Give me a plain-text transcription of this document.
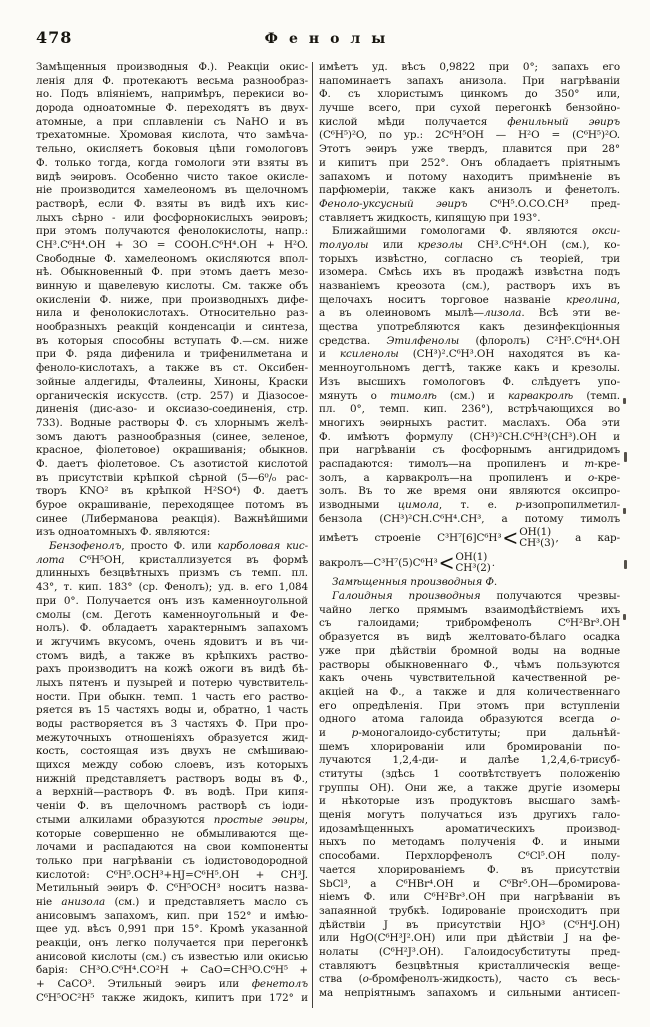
478	Фенолы
Замѣщенныя производныя Ф.). Реакціи окис-
ленія для Ф. протекаютъ весьма разнообраз-
но. Подъ вліяніемъ, напримѣръ, перекиси во-
дорода одноатомные Ф. переходятъ въ двух-
атомные, а при сплавленіи съ NaHO и въ
трехатомные. Хромовая кислота, что замѣча-
тельно, окисляетъ боковыя цѣпи гомологовъ
Ф. только тогда, когда гомологи эти взяты въ
видѣ эѳировъ. Особенно чисто такое окисле-
ніе производится хамелеономъ въ щелочномъ
растворѣ, если Ф. взяты въ видѣ ихъ кис-
лыхъ сѣрно - или фосфорнокислыхъ эѳировъ;
при этомъ получаются фенолокислоты, напр.:
CH³.C⁶H⁴.OH + 3O = COOH.C⁶H⁴.OH + H²O.
Свободные Ф. хамелеономъ окисляются впол-
нѣ. Обыкновенный Ф. при этомъ даетъ мезо-
винную и щавелевую кислоты. См. также объ
окисленіи Ф. ниже, при производныхъ дифе-
нила и фенолокислотахъ. Относительно раз-
нообразныхъ реакцій конденсаціи и синтеза,
въ которыя способны вступать Ф.—см. ниже
при Ф. ряда дифенила и трифенилметана и
феноло-кислотахъ, а также въ ст. Оксибен-
зойные алдегиды, Фталеины, Хиноны, Краски
органическія искусств. (стр. 257) и Діазосое-
диненія (дис-азо- и оксиазо-соединенія, стр.
733). Водные растворы Ф. съ хлорнымъ желѣ-
зомъ даютъ разнообразныя (синее, зеленое,
красное, фіолетовое) окрашиванія; обыкнов.
Ф. даетъ фіолетовое. Съ азотистой кислотой
въ присутствіи крѣпкой сѣрной (5—6⁰/₀ рас-
творъ KNO² въ крѣпкой H²SO⁴) Ф. даетъ
бурое окрашиваніе, переходящее потомъ въ
синее (Либерманова реакція). Важнѣйшими
изъ одноатомныхъ Ф. являются:
Бензофенолъ, просто Ф. или карболовая кис-
лота C⁶H⁵OH, кристаллизуется въ формѣ
длинныхъ безцвѣтныхъ призмъ съ темп. пл.
43°, т. кип. 183° (ср. Фенолъ); уд. в. его 1,084
при 0°. Получается онъ изъ каменноугольной
смолы (см. Деготь каменноугольный и Фе-
нолъ). Ф. обладаетъ характернымъ запахомъ
и жгучимъ вкусомъ, очень ядовитъ и въ чи-
стомъ видѣ, а также въ крѣпкихъ раство-
рахъ производитъ на кожѣ ожоги въ видѣ бѣ-
лыхъ пятенъ и пузырей и потерю чувствитель-
ности. При обыкн. темп. 1 часть его раство-
ряется въ 15 частяхъ воды и, обратно, 1 часть
воды растворяется въ 3 частяхъ Ф. При про-
межуточныхъ отношеніяхъ образуется жид-
кость, состоящая изъ двухъ не смѣшиваю-
щихся между собою слоевъ, изъ которыхъ
нижній представляетъ растворъ воды въ Ф.,
а верхній—растворъ Ф. въ водѣ. При кипя-
ченіи Ф. въ щелочномъ растворѣ съ іоди-
стыми алкилами образуются простые эѳиры,
которые совершенно не обмыливаются ще-
лочами и распадаются на свои компоненты
только при нагрѣваніи съ іодистоводородной
кислотой: C⁶H⁵.OCH³+HJ=C⁶H⁵.OH + CH³J.
Метильный эѳиръ Ф. C⁶H⁵OCH³ носитъ назва-
ніе анизола (см.) и представляетъ масло съ
анисовымъ запахомъ, кип. при 152° и имѣю-
щее уд. вѣсъ 0,991 при 15°. Кромѣ указанной
реакціи, онъ легко получается при перегонкѣ
анисовой кислоты (см.) съ известью или окисью
барія: CH³O.C⁶H⁴.CO²H + CaO=CH³O.C⁶H⁵ +
+ CaCO³. Этильный эѳиръ или фенетолъ
C⁶H⁵OC²H⁵ также жидокъ, кипитъ при 172° и
имѣетъ уд. вѣсъ 0,9822 при 0°; запахъ его
напоминаетъ запахъ анизола. При нагрѣваніи
Ф. съ хлористымъ цинкомъ до 350° или,
лучше всего, при сухой перегонкѣ бензойно-
кислой мѣди получается фенильный эѳиръ
(C⁶H⁵)²O, по ур.: 2C⁶H⁵OH — H²O = (C⁶H⁵)²O.
Этотъ эѳиръ уже твердъ, плавится при 28°
и кипитъ при 252°. Онъ обладаетъ пріятнымъ
запахомъ и потому находитъ примѣненіе въ
парфюмеріи, также какъ анизолъ и фенетолъ.
Феноло-уксусный эѳиръ C⁶H⁵.O.CO.CH³ пред-
ставляетъ жидкость, кипящую при 193°.
Ближайшими гомологами Ф. являются окси-
толуолы или крезолы CH³.C⁶H⁴.OH (см.), ко-
торыхъ извѣстно, согласно съ теоріей, три
изомера. Смѣсь ихъ въ продажѣ извѣстна подъ
названіемъ креозота (см.), растворъ ихъ въ
щелочахъ носитъ торговое названіе креолина,
а въ олеиновомъ мылѣ—лизола. Всѣ эти ве-
щества употребляются какъ дезинфекціонныя
средства. Этилфенолы (флоролъ) C²H⁵.C⁶H⁴.OH
и ксиленолы (CH³)².C⁶H³.OH находятся въ ка-
менноугольномъ дегтѣ, также какъ и крезолы.
Изъ высшихъ гомологовъ Ф. слѣдуетъ упо-
мянуть о тимолѣ (см.) и карвакролѣ (темп.
пл. 0°, темп. кип. 236°), встрѣчающихся во
многихъ эѳирныхъ растит. маслахъ. Оба эти
Ф. имѣютъ формулу (CH³)²CH.C⁶H³(CH³).OH и
при нагрѣваніи съ фосфорнымъ ангидридомъ
распадаются: тимолъ—на пропиленъ и m-кре-
золъ, а карвакролъ—на пропиленъ и o-кре-
золъ. Въ то же время они являются оксипро-
изводными цимола, т. е. p-изопропилметил-
бензола (CH³)²CH.C⁶H⁴.CH³, а потому тимолъ
имѣетъ строеніе C³H⁷[6]C⁶H³ < OH(1)
CH³(3) , а кар-
вакролъ—C³H⁷(5)C⁶H³ < OH(1)
CH³(2) .
Замѣщенныя производныя Ф.
Галоидныя производныя получаются чрезвы-
чайно легко прямымъ взаимодѣйствіемъ ихъ
съ галоидами; трибромфенолъ C⁶H²Br³.OH
образуется въ видѣ желтовато-бѣлаго осадка
уже при дѣйствіи бромной воды на водные
растворы обыкновеннаго Ф., чѣмъ пользуются
какъ очень чувствительной качественной ре-
акціей на Ф., а также и для количественнаго
его опредѣленія. При этомъ при вступленіи
одного атома галоида образуются всегда o-
и p-моногалоидо-субституты; при дальнѣй-
шемъ хлорированіи или бромированіи по-
лучаются 1,2,4-ди- и далѣе 1,2,4,6-трисуб-
ституты (здѣсь 1 соотвѣтствуетъ положенію
группы OH). Они же, а также другіе изомеры
и нѣкоторые изъ продуктовъ высшаго замѣ-
щенія могутъ получаться изъ другихъ гало-
идозамѣщенныхъ ароматическихъ производ-
ныхъ по методамъ полученія Ф. и иными
способами. Перхлорфенолъ C⁶Cl⁵.OH полу-
чается хлорированіемъ Ф. въ присутствіи
SbCl³, а C⁶HBr⁴.OH и C⁶Br⁵.OH—бромирова-
ніемъ Ф. или C⁶H²Br³.OH при нагрѣваніи въ
запаянной трубкѣ. Іодированіе происходитъ при
дѣйствіи J въ присутствіи HJO³ (C⁶H⁴J.OH)
или HgO(C⁶H³J².OH) или при дѣйствіи J на фе-
нолаты (C⁶H²J³.OH). Галоидосубституты пред-
ставляютъ безцвѣтныя кристаллическія веще-
ства (о-бромфенолъ-жидкость), часто съ весь-
ма непріятнымъ запахомъ и сильными антисеп-
